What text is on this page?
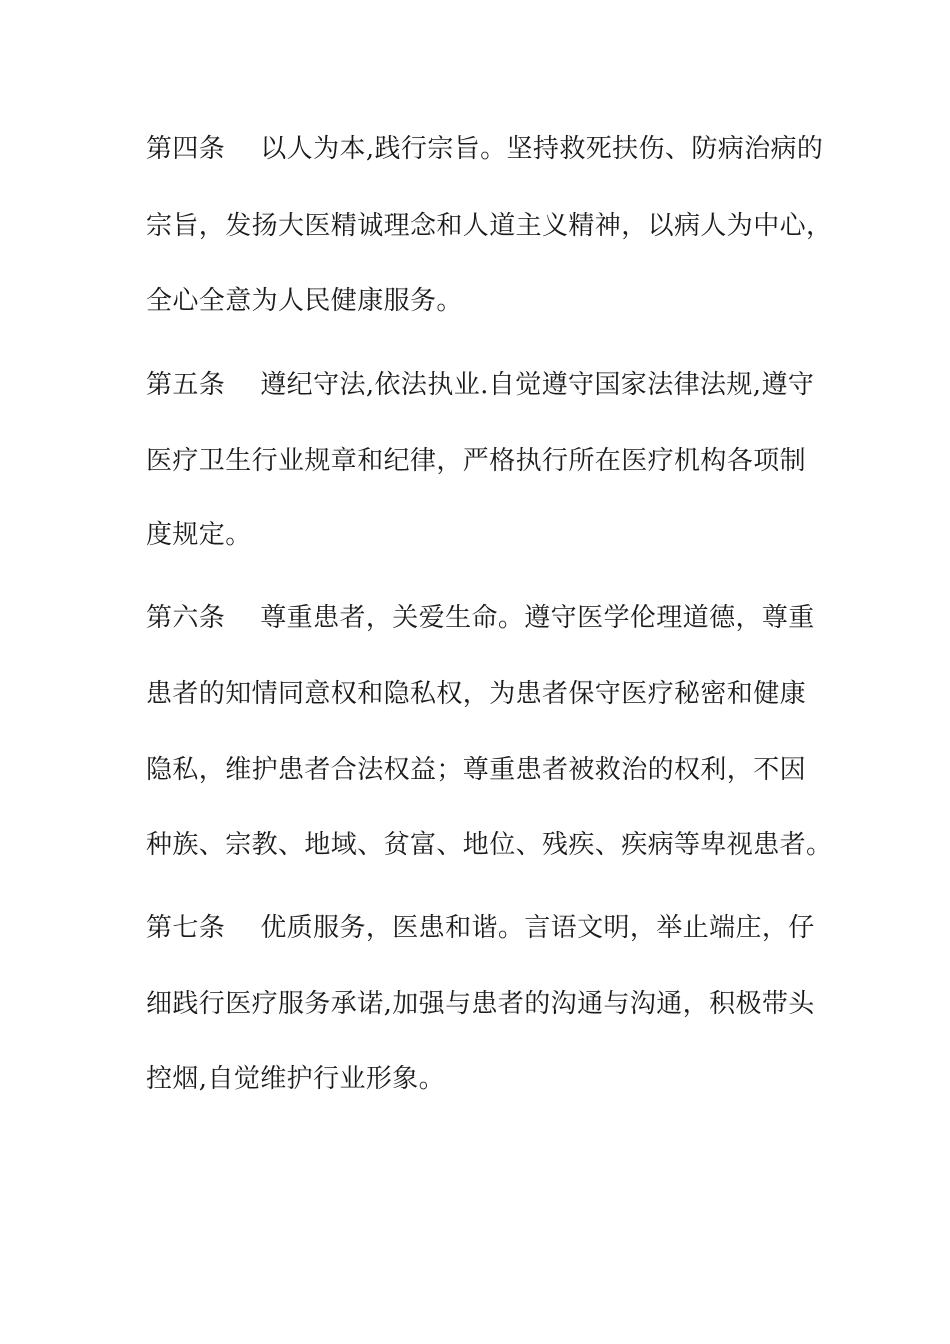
第四条　 以人为本,践行宗旨。坚持救死扶伤、防病治病的
宗旨，发扬大医精诚理念和人道主义精神，以病人为中心，
全心全意为人民健康服务。
第五条　 遵纪守法,依法执业.自觉遵守国家法律法规,遵守
医疗卫生行业规章和纪律，严格执行所在医疗机构各项制
度规定。
第六条　 尊重患者，关爱生命。遵守医学伦理道德，尊重
患者的知情同意权和隐私权，为患者保守医疗秘密和健康
隐私，维护患者合法权益；尊重患者被救治的权利，不因
种族、宗教、地域、贫富、地位、残疾、疾病等卑视患者。
第七条　 优质服务，医患和谐。言语文明，举止端庄，仔
细践行医疗服务承诺,加强与患者的沟通与沟通，积极带头
控烟,自觉维护行业形象。
